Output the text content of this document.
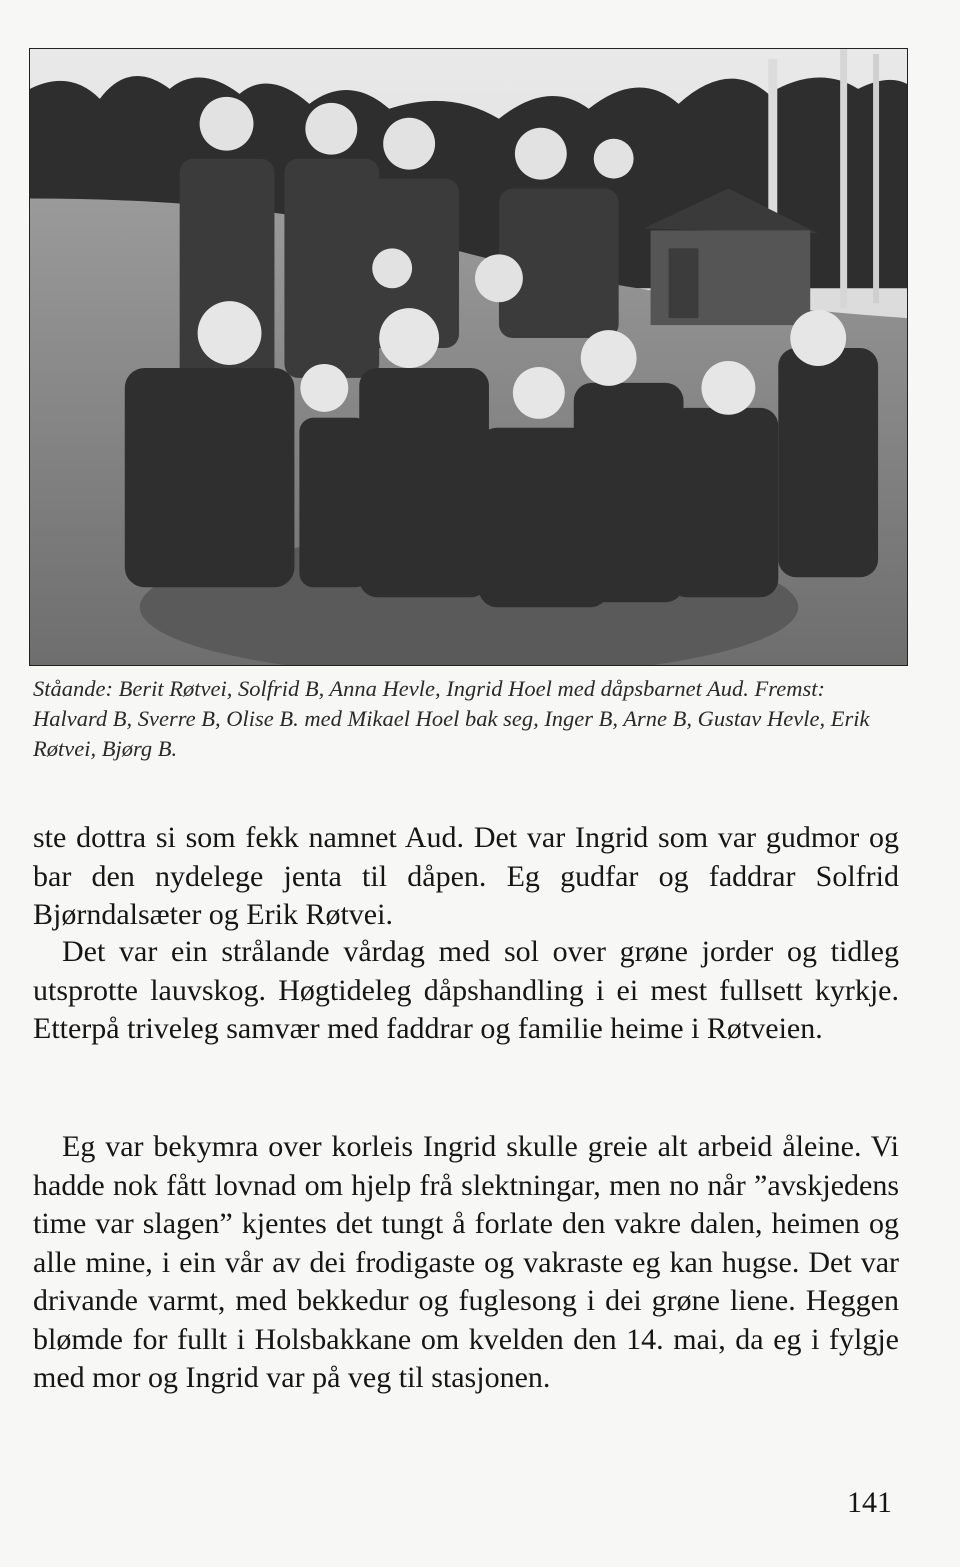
Ståande: Berit Røtvei, Solfrid B, Anna Hevle, Ingrid Hoel med dåpsbarnet Aud. Fremst: Halvard B, Sverre B, Olise B. med Mikael Hoel bak seg, Inger B, Arne B, Gustav Hevle, Erik Røtvei, Bjørg B.

ste dottra si som fekk namnet Aud. Det var Ingrid som var gudmor og bar den nydelege jenta til dåpen. Eg gudfar og faddrar Solfrid Bjørndalsæter og Erik Røtvei.

Det var ein strålande vårdag med sol over grøne jorder og tidleg utsprotte lauvskog. Høgtideleg dåpshandling i ei mest fullsett kyrkje. Etterpå triveleg samvær med faddrar og familie heime i Røtveien.

Eg var bekymra over korleis Ingrid skulle greie alt arbeid åleine. Vi hadde nok fått lovnad om hjelp frå slektningar, men no når ”avskjedens time var slagen” kjentes det tungt å forlate den vakre dalen, heimen og alle mine, i ein vår av dei frodigaste og vakraste eg kan hugse. Det var drivande varmt, med bekkedur og fuglesong i dei grøne liene. Heggen blømde for fullt i Holsbakkane om kvelden den 14. mai, da eg i fylgje med mor og Ingrid var på veg til stasjonen.

141
